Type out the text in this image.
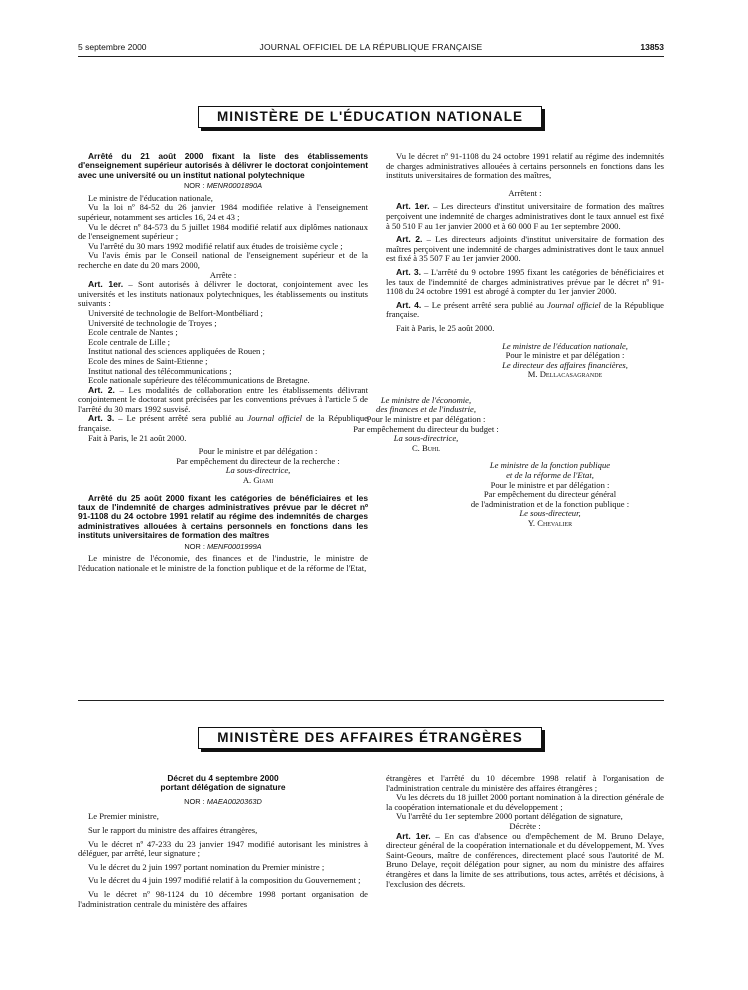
5 septembre 2000	JOURNAL OFFICIEL DE LA RÉPUBLIQUE FRANÇAISE	13853
MINISTÈRE DE L'ÉDUCATION NATIONALE

Arrêté du 21 août 2000 fixant la liste des établissements d'enseignement supérieur autorisés à délivrer le doctorat conjointement avec une université ou un institut national polytechnique

NOR : MENR0001890A

Le ministre de l'éducation nationale,

Vu la loi nº 84-52 du 26 janvier 1984 modifiée relative à l'enseignement supérieur, notamment ses articles 16, 24 et 43 ;

Vu le décret nº 84-573 du 5 juillet 1984 modifié relatif aux diplômes nationaux de l'enseignement supérieur ;

Vu l'arrêté du 30 mars 1992 modifié relatif aux études de troisième cycle ;

Vu l'avis émis par le Conseil national de l'enseignement supérieur et de la recherche en date du 20 mars 2000,

Arrête :

Art. 1er. – Sont autorisés à délivrer le doctorat, conjointement avec les universités et les instituts nationaux polytechniques, les établissements ou instituts suivants :

Université de technologie de Belfort-Montbéliard ;

Université de technologie de Troyes ;

Ecole centrale de Nantes ;

Ecole centrale de Lille ;

Institut national des sciences appliquées de Rouen ;

Ecole des mines de Saint-Etienne ;

Institut national des télécommunications ;

Ecole nationale supérieure des télécommunications de Bretagne.

Art. 2. – Les modalités de collaboration entre les établissements délivrant conjointement le doctorat sont précisées par les conventions prévues à l'article 5 de l'arrêté du 30 mars 1992 susvisé.

Art. 3. – Le présent arrêté sera publié au Journal officiel de la République française.

Fait à Paris, le 21 août 2000.

Pour le ministre et par délégation :

Par empêchement du directeur de la recherche :

La sous-directrice,

A. Giami

Arrêté du 25 août 2000 fixant les catégories de bénéficiaires et les taux de l'indemnité de charges administratives prévue par le décret nº 91-1108 du 24 octobre 1991 relatif au régime des indemnités de charges administratives allouées à certains personnels en fonctions dans les instituts universitaires de formation des maîtres

NOR : MENF0001999A

Le ministre de l'économie, des finances et de l'industrie, le ministre de l'éducation nationale et le ministre de la fonction publique et de la réforme de l'Etat,

Vu le décret nº 91-1108 du 24 octobre 1991 relatif au régime des indemnités de charges administratives allouées à certains personnels en fonctions dans les instituts universitaires de formation des maîtres,

Arrêtent :

Art. 1er. – Les directeurs d'institut universitaire de formation des maîtres perçoivent une indemnité de charges administratives dont le taux annuel est fixé à 50 510 F au 1er janvier 2000 et à 60 000 F au 1er septembre 2000.

Art. 2. – Les directeurs adjoints d'institut universitaire de formation des maîtres perçoivent une indemnité de charges administratives dont le taux annuel est fixé à 35 507 F au 1er janvier 2000.

Art. 3. – L'arrêté du 9 octobre 1995 fixant les catégories de bénéficiaires et les taux de l'indemnité de charges administratives prévue par le décret nº 91-1108 du 24 octobre 1991 est abrogé à compter du 1er janvier 2000.

Art. 4. – Le présent arrêté sera publié au Journal officiel de la République française.

Fait à Paris, le 25 août 2000.

Le ministre de l'éducation nationale,

Pour le ministre et par délégation :

Le directeur des affaires financières,

M. Dellacasagrande

Le ministre de l'économie,

des finances et de l'industrie,

Pour le ministre et par délégation :

Par empêchement du directeur du budget :

La sous-directrice,

C. Buhl

Le ministre de la fonction publique

et de la réforme de l'Etat,

Pour le ministre et par délégation :

Par empêchement du directeur général

de l'administration et de la fonction publique :

Le sous-directeur,

Y. Chevalier

MINISTÈRE DES AFFAIRES ÉTRANGÈRES

Décret du 4 septembre 2000

portant délégation de signature

NOR : MAEA0020363D

Le Premier ministre,

Sur le rapport du ministre des affaires étrangères,

Vu le décret nº 47-233 du 23 janvier 1947 modifié autorisant les ministres à déléguer, par arrêté, leur signature ;

Vu le décret du 2 juin 1997 portant nomination du Premier ministre ;

Vu le décret du 4 juin 1997 modifié relatif à la composition du Gouvernement ;

Vu le décret nº 98-1124 du 10 décembre 1998 portant organisation de l'administration centrale du ministère des affaires

étrangères et l'arrêté du 10 décembre 1998 relatif à l'organisation de l'administration centrale du ministère des affaires étrangères ;

Vu les décrets du 18 juillet 2000 portant nomination à la direction générale de la coopération internationale et du développement ;

Vu l'arrêté du 1er septembre 2000 portant délégation de signature,

Décrète :

Art. 1er. – En cas d'absence ou d'empêchement de M. Bruno Delaye, directeur général de la coopération internationale et du développement, M. Yves Saint-Geours, maître de conférences, directement placé sous l'autorité de M. Bruno Delaye, reçoit délégation pour signer, au nom du ministre des affaires étrangères et dans la limite de ses attributions, tous actes, arrêtés et décisions, à l'exclusion des décrets.
